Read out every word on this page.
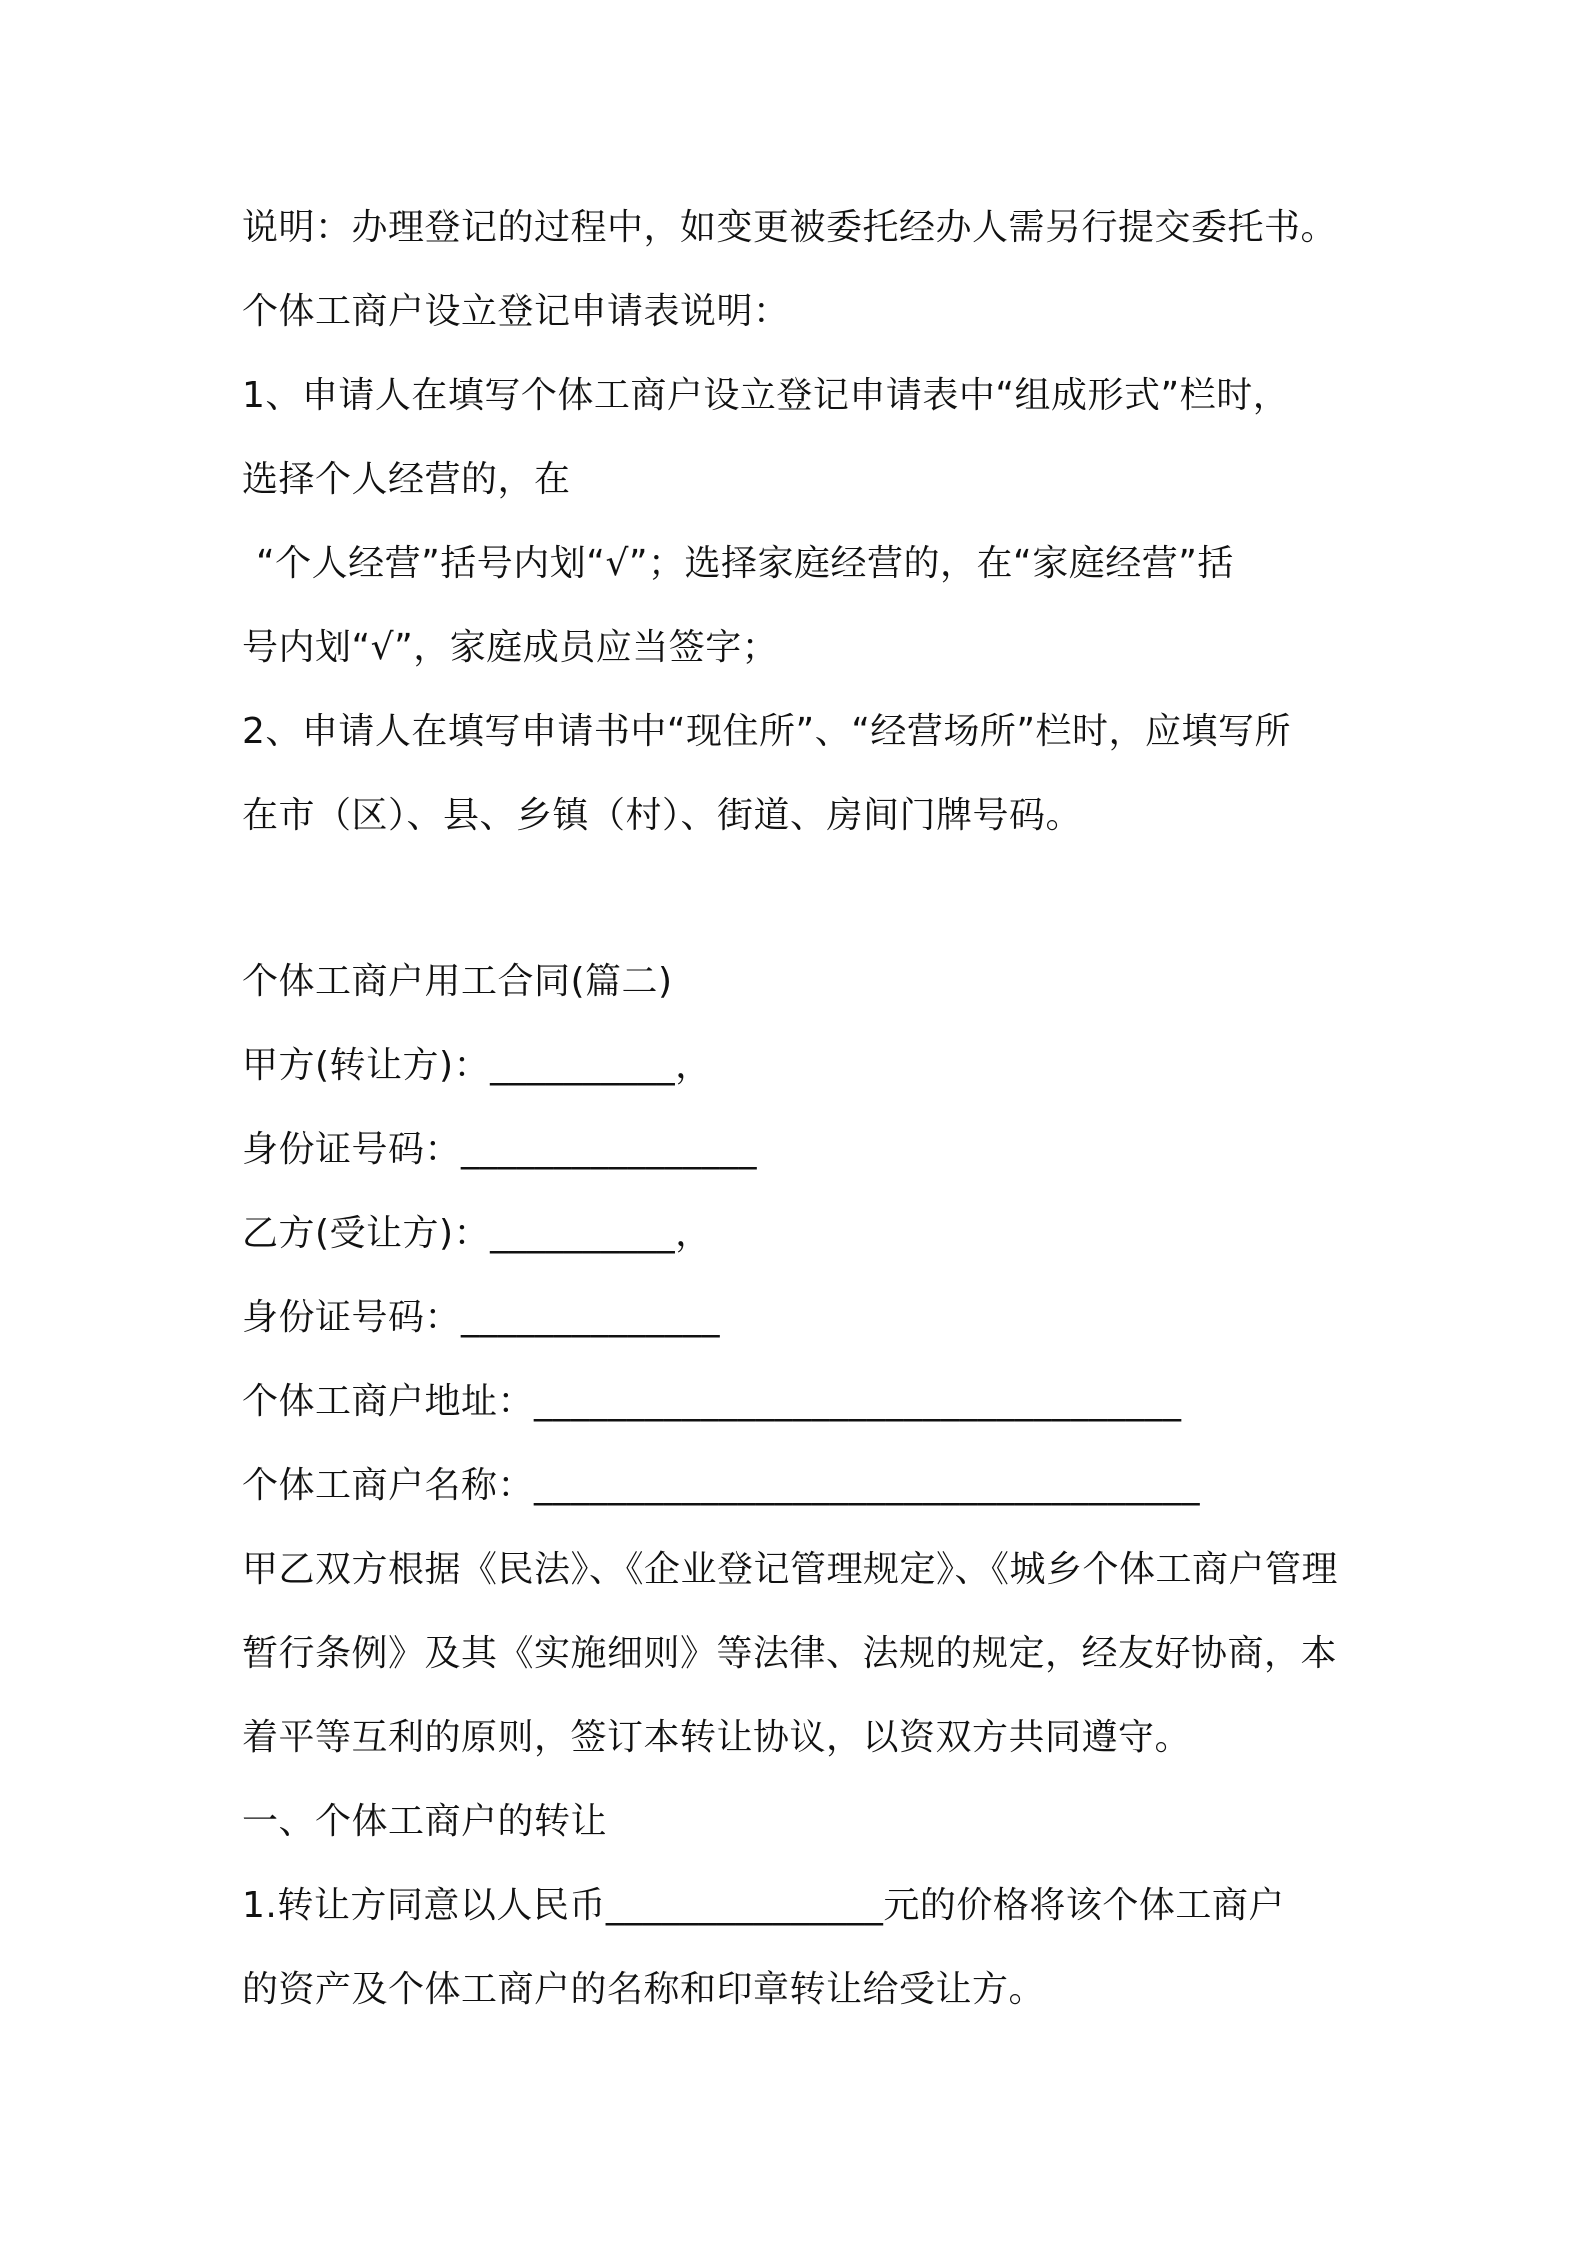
说明：办理登记的过程中，如变更被委托经办人需另行提交委托书。
个体工商户设立登记申请表说明：
1、申请人在填写个体工商户设立登记申请表中“组成形式”栏时，
选择个人经营的，在
“个人经营”括号内划“√”；选择家庭经营的，在“家庭经营”括
号内划“√”，家庭成员应当签字；
2、申请人在填写申请书中“现住所”、“经营场所”栏时，应填写所
在市（区）、县、乡镇（村）、街道、房间门牌号码。
个体工商户用工合同(篇二)
甲方(转让方)：__________，
身份证号码：________________
乙方(受让方)：__________，
身份证号码：______________
个体工商户地址：___________________________________
个体工商户名称：____________________________________
甲乙双方根据《民法》、《企业登记管理规定》、《城乡个体工商户管理
暂行条例》及其《实施细则》等法律、法规的规定，经友好协商，本
着平等互利的原则，签订本转让协议，以资双方共同遵守。
一、个体工商户的转让
1.转让方同意以人民币_______________元的价格将该个体工商户
的资产及个体工商户的名称和印章转让给受让方。
